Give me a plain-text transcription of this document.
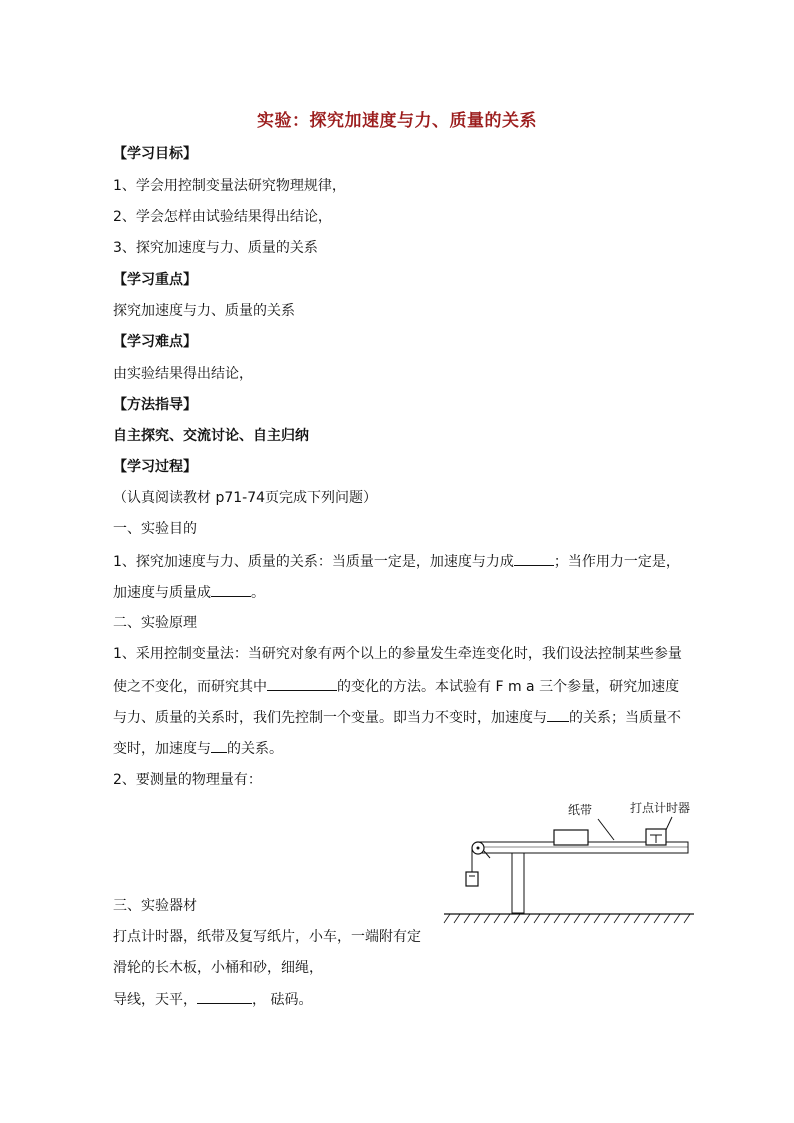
实验：探究加速度与力、质量的关系
【学习目标】
1、学会用控制变量法研究物理规律，
2、学会怎样由试验结果得出结论，
3、探究加速度与力、质量的关系
【学习重点】
探究加速度与力、质量的关系
【学习难点】
由实验结果得出结论，
【方法指导】
自主探究、交流讨论、自主归纳
【学习过程】
（认真阅读教材 p71-74页完成下列问题）
一、实验目的
1、探究加速度与力、质量的关系：当质量一定是，加速度与力成	；当作用力一定是，
加速度与质量成	。
二、实验原理
1、采用控制变量法：当研究对象有两个以上的参量发生牵连变化时，我们设法控制某些参量
使之不变化，而研究其中	的变化的方法。本试验有 F m a 三个参量，研究加速度
与力、质量的关系时，我们先控制一个变量。即当力不变时，加速度与 的关系；当质量不
变时，加速度与 的关系。
2、要测量的物理量有：
三、实验器材
打点计时器，纸带及复写纸片，小车，一端附有定
滑轮的长木板，小桶和砂，细绳，
导线，天平，	， 砝码。
纸带	打点计时器
